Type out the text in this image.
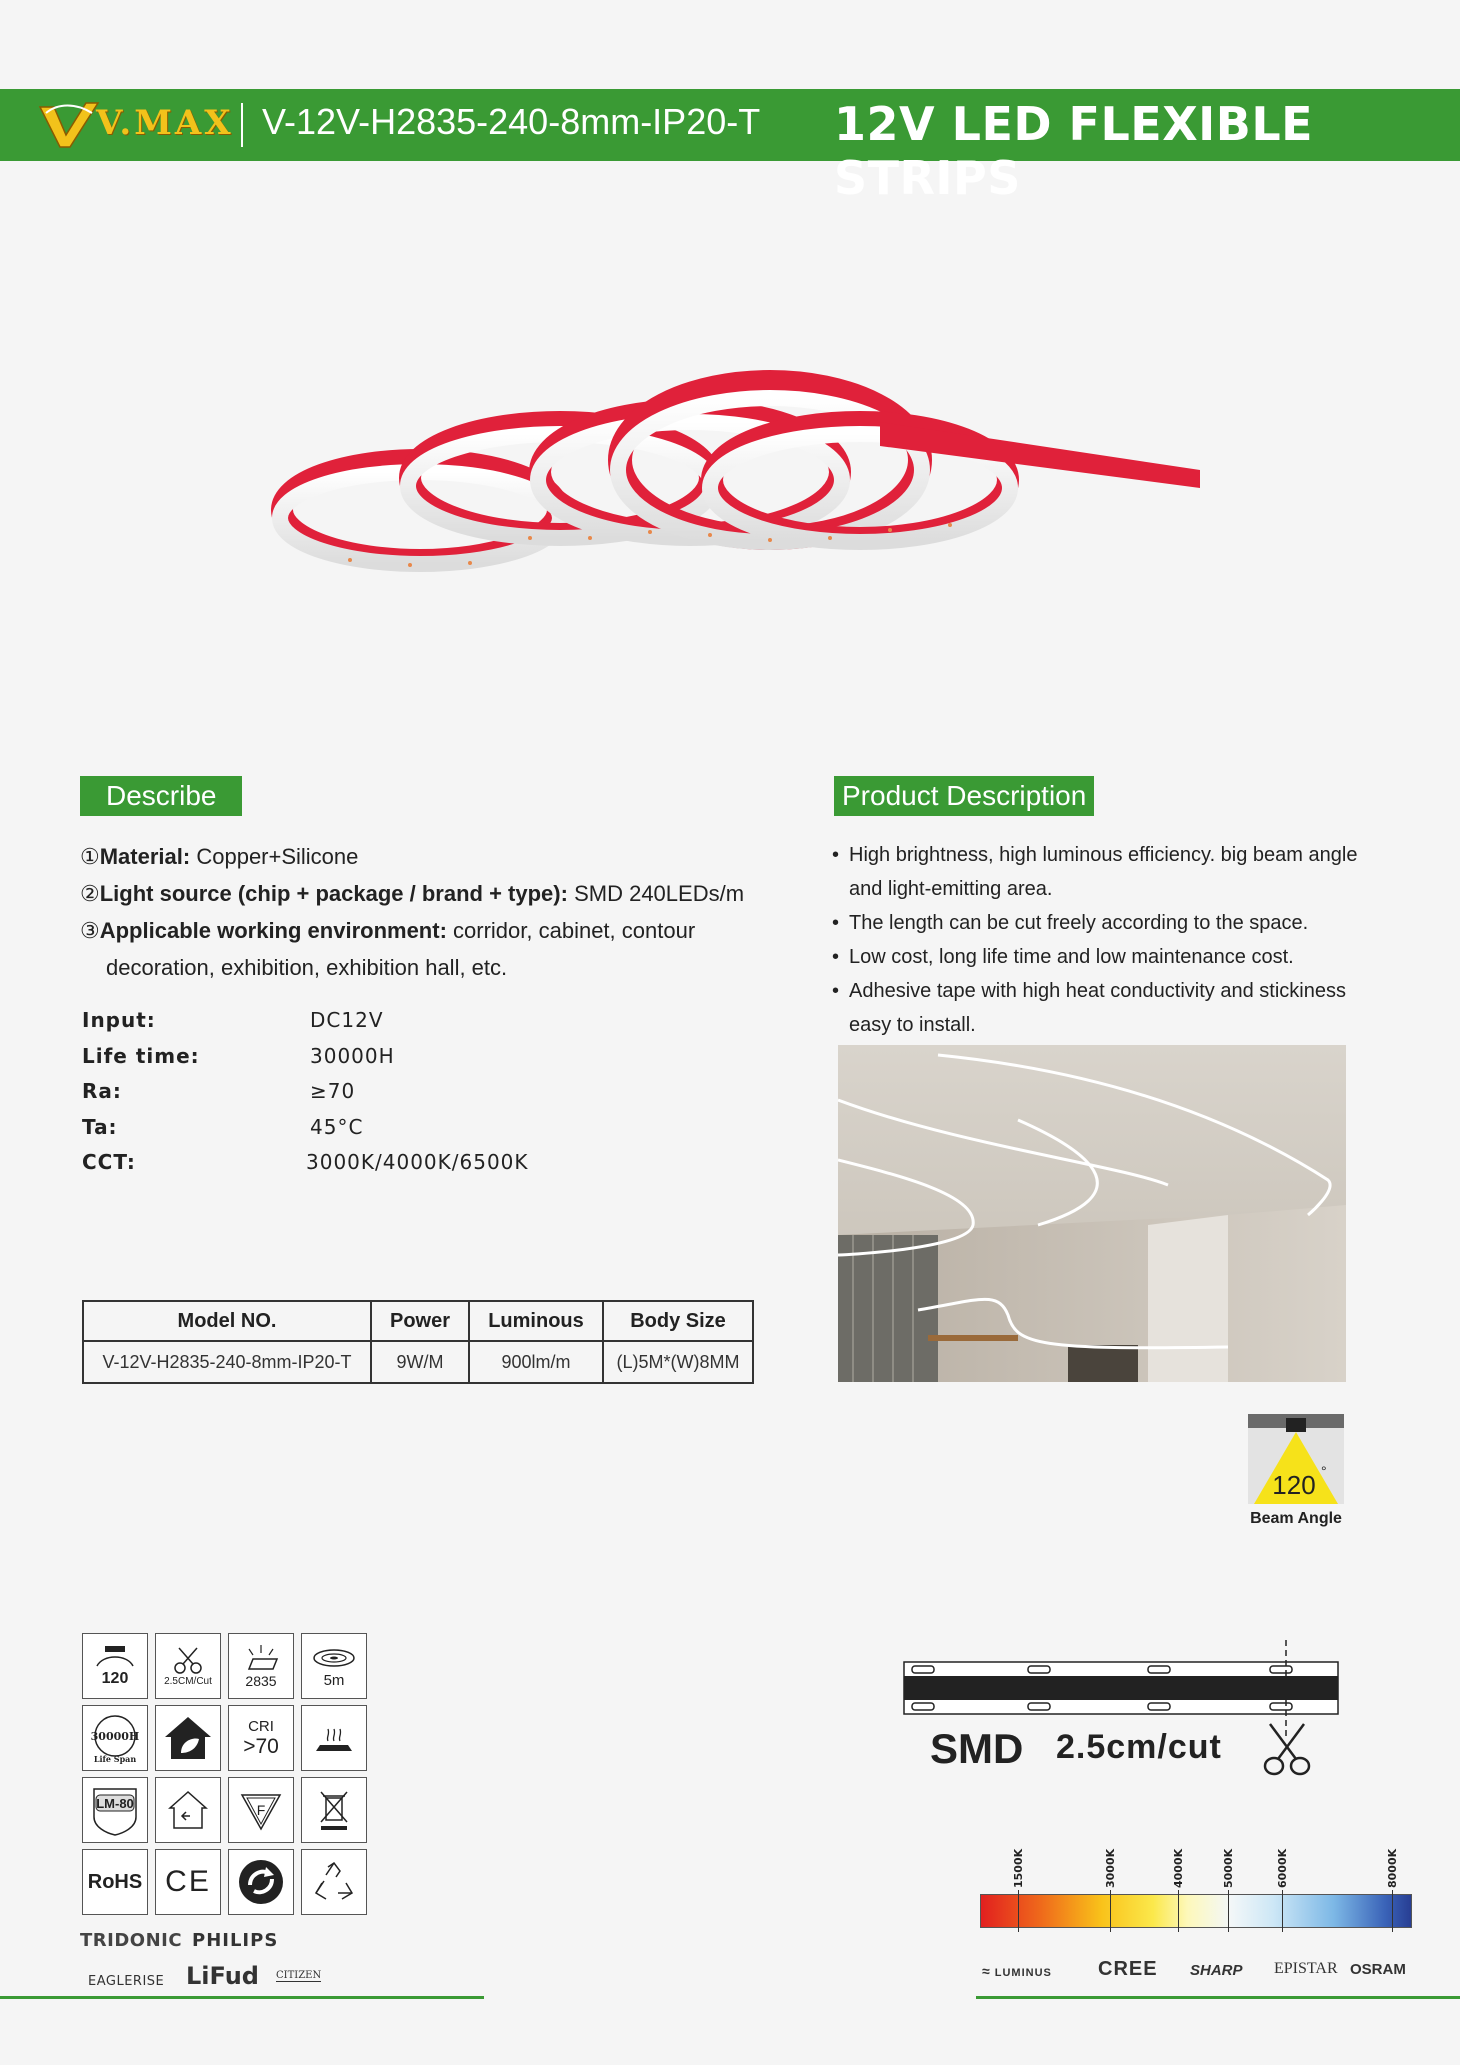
V.MAX V-12V-H2835-240-8mm-IP20-T 12V LED FLEXIBLE STRIPS
Describe
①Material: Copper+Silicone
②Light source (chip + package / brand + type): SMD 240LEDs/m
③Applicable working environment: corridor, cabinet, contour
decoration, exhibition, exhibition hall, etc.
Input:	DC12V
Life time:	30000H
Ra:	≥70
Ta:	45°C
CCT:	3000K/4000K/6500K
Model NO.	Power	Luminous	Body Size
V-12V-H2835-240-8mm-IP20-T	9W/M	900lm/m	(L)5M*(W)8MM
Product Description
• High brightness, high luminous efficiency. big beam angle
and light-emitting area.
• The length can be cut freely according to the space.
• Low cost, long life time and low maintenance cost.
• Adhesive tape with high heat conductivity and stickiness
easy to install.
120 °
Beam Angle
120	2.5CM/Cut 2835	5m
30000H
Life Span
CRI
>70
LM-80	F
RoHS CE
TRIDONIC PHILIPS
EAGLERISE LiFud CITIZEN
SMD 2.5cm/cut
1500K	3000K	4000K	5000K	6000K	8000K
≈ LUMINUS CREE SHARP EPISTAR OSRAM
